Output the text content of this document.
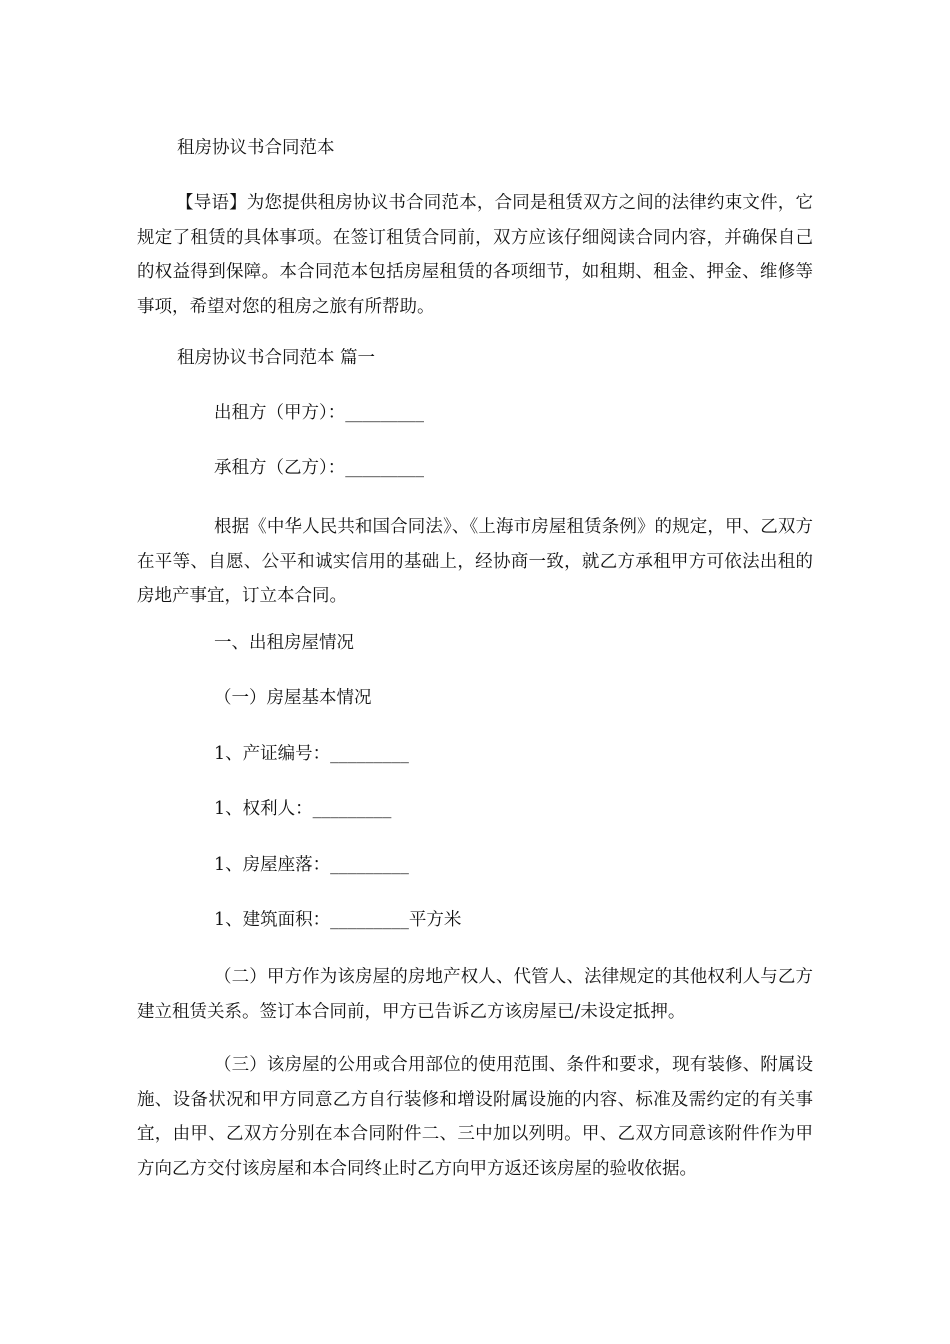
租房协议书合同范本
【导语】为您提供租房协议书合同范本，合同是租赁双方之间的法律约束文件，它规定了租赁的具体事项。在签订租赁合同前，双方应该仔细阅读合同内容，并确保自己的权益得到保障。本合同范本包括房屋租赁的各项细节，如租期、租金、押金、维修等事项，希望对您的租房之旅有所帮助。
租房协议书合同范本 篇一
出租方（甲方）：_________
承租方（乙方）：_________
根据《中华人民共和国合同法》、《上海市房屋租赁条例》的规定，甲、乙双方在平等、自愿、公平和诚实信用的基础上，经协商一致，就乙方承租甲方可依法出租的房地产事宜，订立本合同。
一、出租房屋情况
（一）房屋基本情况
1、产证编号：_________
1、权利人：_________
1、房屋座落：_________
1、建筑面积：_________平方米
（二）甲方作为该房屋的房地产权人、代管人、法律规定的其他权利人与乙方建立租赁关系。签订本合同前，甲方已告诉乙方该房屋已/未设定抵押。
（三）该房屋的公用或合用部位的使用范围、条件和要求，现有装修、附属设施、设备状况和甲方同意乙方自行装修和增设附属设施的内容、标准及需约定的有关事宜，由甲、乙双方分别在本合同附件二、三中加以列明。甲、乙双方同意该附件作为甲方向乙方交付该房屋和本合同终止时乙方向甲方返还该房屋的验收依据。
